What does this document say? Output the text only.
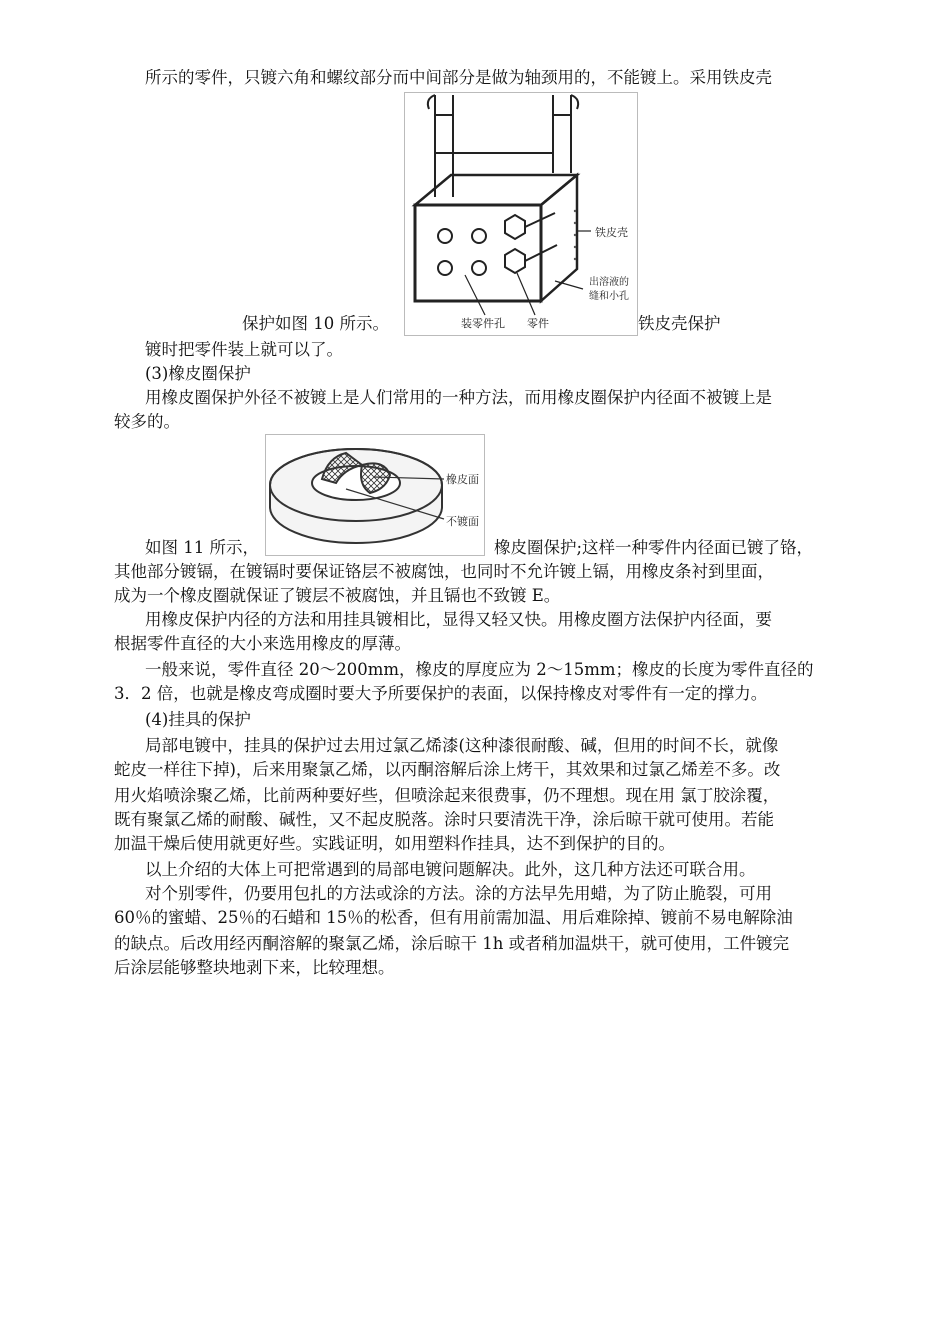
所示的零件，只镀六角和螺纹部分而中间部分是做为轴颈用的，不能镀上。采用铁皮壳
铁皮壳
出溶液的
缝和小孔
装零件孔 零件
保护如图 10 所示。	铁皮壳保护
镀时把零件装上就可以了。
(3)橡皮圈保护
用橡皮圈保护外径不被镀上是人们常用的一种方法，而用橡皮圈保护内径面不被镀上是
较多的。
橡皮面
不镀面
如图 11 所示，	橡皮圈保护;这样一种零件内径面已镀了铬，
其他部分镀镉，在镀镉时要保证铬层不被腐蚀，也同时不允许镀上镉，用橡皮条衬到里面，
成为一个橡皮圈就保证了镀层不被腐蚀，并且镉也不致镀 E。
用橡皮保护内径的方法和用挂具镀相比，显得又轻又快。用橡皮圈方法保护内径面，要
根据零件直径的大小来选用橡皮的厚薄。
一般来说，零件直径 20～200mm，橡皮的厚度应为 2～15mm；橡皮的长度为零件直径的
3．2 倍，也就是橡皮弯成圈时要大予所要保护的表面，以保持橡皮对零件有一定的撑力。
(4)挂具的保护
局部电镀中，挂具的保护过去用过氯乙烯漆(这种漆很耐酸、碱，但用的时间不长，就像
蛇皮一样往下掉)，后来用聚氯乙烯，以丙酮溶解后涂上烤干，其效果和过氯乙烯差不多。改
用火焰喷涂聚乙烯，比前两种要好些，但喷涂起来很费事，仍不理想。现在用 氯丁胶涂覆，
既有聚氯乙烯的耐酸、碱性，又不起皮脱落。涂时只要清洗干净，涂后晾干就可使用。若能
加温干燥后使用就更好些。实践证明，如用塑料作挂具，达不到保护的目的。
以上介绍的大体上可把常遇到的局部电镀问题解决。此外，这几种方法还可联合用。
对个别零件，仍要用包扎的方法或涂的方法。涂的方法早先用蜡，为了防止脆裂，可用
60％的蜜蜡、25％的石蜡和 15％的松香，但有用前需加温、用后难除掉、镀前不易电解除油
的缺点。后改用经丙酮溶解的聚氯乙烯，涂后晾干 1h 或者稍加温烘干，就可使用，工件镀完
后涂层能够整块地剥下来，比较理想。
